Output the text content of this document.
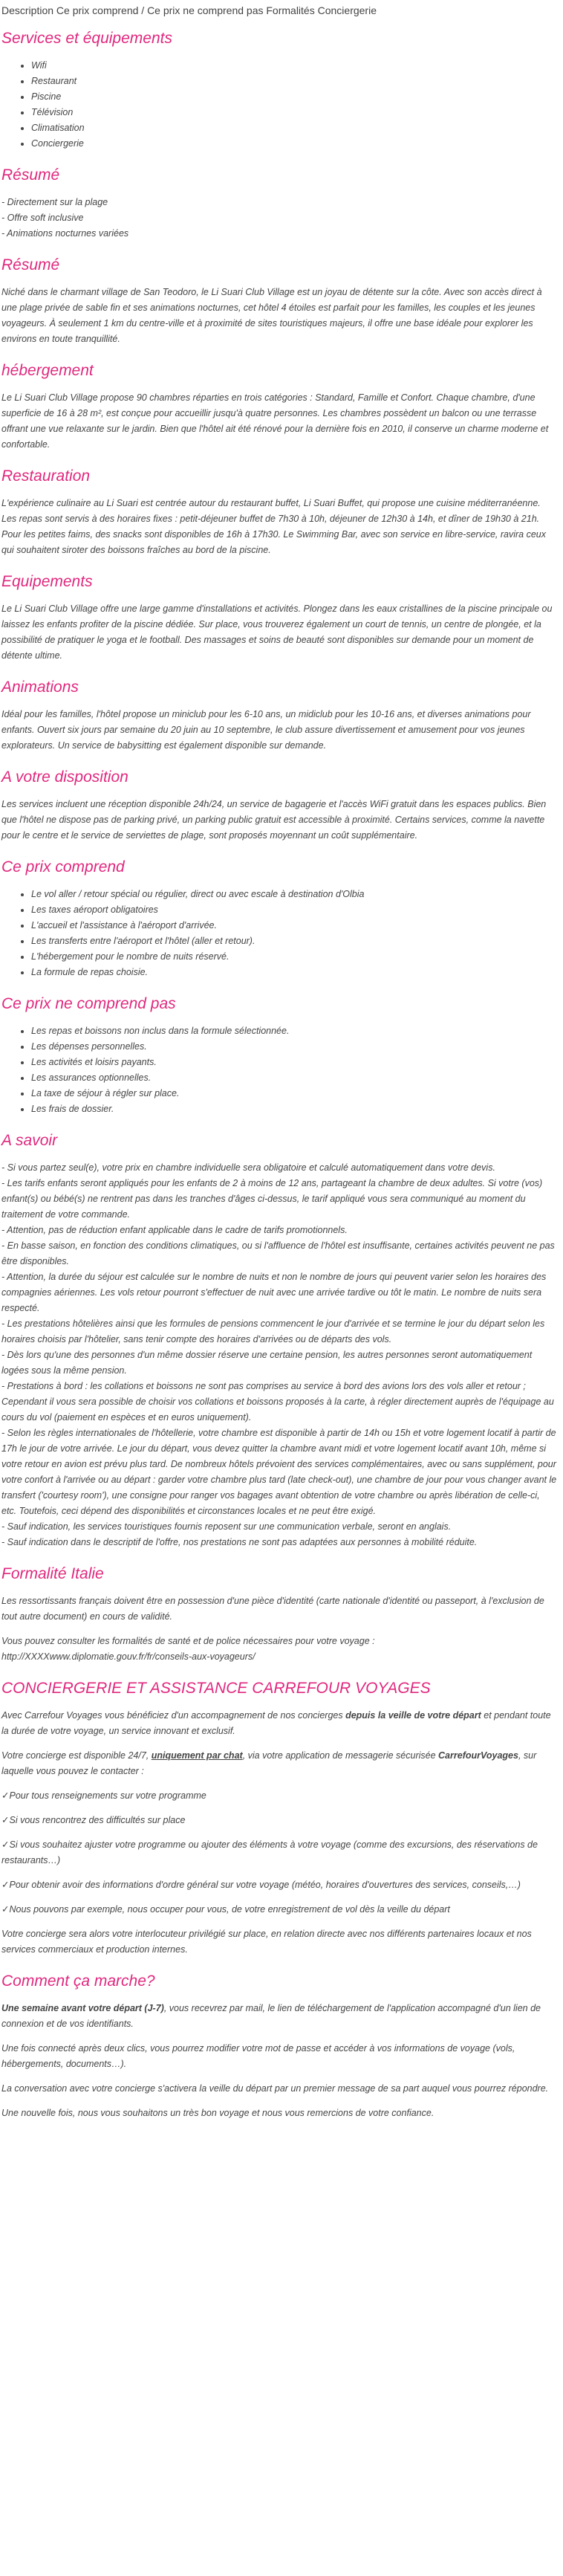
Description Ce prix comprend / Ce prix ne comprend pas Formalités Conciergerie
Services et équipements
• Wifi
• Restaurant
• Piscine
• Télévision
• Climatisation
• Conciergerie
Résumé
- Directement sur la plage
- Offre soft inclusive
- Animations nocturnes variées
Résumé

Niché dans le charmant village de San Teodoro, le Li Suari Club Village est un joyau de détente sur la côte. Avec son accès direct à une plage privée de sable fin et ses animations nocturnes, cet hôtel 4 étoiles est parfait pour les familles, les couples et les jeunes voyageurs. À seulement 1 km du centre-ville et à proximité de sites touristiques majeurs, il offre une base idéale pour explorer les environs en toute tranquillité.

hébergement

Le Li Suari Club Village propose 90 chambres réparties en trois catégories : Standard, Famille et Confort. Chaque chambre, d'une superficie de 16 à 28 m², est conçue pour accueillir jusqu'à quatre personnes. Les chambres possèdent un balcon ou une terrasse offrant une vue relaxante sur le jardin. Bien que l'hôtel ait été rénové pour la dernière fois en 2010, il conserve un charme moderne et confortable.

Restauration

L'expérience culinaire au Li Suari est centrée autour du restaurant buffet, Li Suari Buffet, qui propose une cuisine méditerranéenne. Les repas sont servis à des horaires fixes : petit-déjeuner buffet de 7h30 à 10h, déjeuner de 12h30 à 14h, et dîner de 19h30 à 21h. Pour les petites faims, des snacks sont disponibles de 16h à 17h30. Le Swimming Bar, avec son service en libre-service, ravira ceux qui souhaitent siroter des boissons fraîches au bord de la piscine.

Equipements

Le Li Suari Club Village offre une large gamme d'installations et activités. Plongez dans les eaux cristallines de la piscine principale ou laissez les enfants profiter de la piscine dédiée. Sur place, vous trouverez également un court de tennis, un centre de plongée, et la possibilité de pratiquer le yoga et le football. Des massages et soins de beauté sont disponibles sur demande pour un moment de détente ultime.

Animations

Idéal pour les familles, l'hôtel propose un miniclub pour les 6-10 ans, un midiclub pour les 10-16 ans, et diverses animations pour enfants. Ouvert six jours par semaine du 20 juin au 10 septembre, le club assure divertissement et amusement pour vos jeunes explorateurs. Un service de babysitting est également disponible sur demande.

A votre disposition

Les services incluent une réception disponible 24h/24, un service de bagagerie et l'accès WiFi gratuit dans les espaces publics. Bien que l'hôtel ne dispose pas de parking privé, un parking public gratuit est accessible à proximité. Certains services, comme la navette pour le centre et le service de serviettes de plage, sont proposés moyennant un coût supplémentaire.

Ce prix comprend
• Le vol aller / retour spécial ou régulier, direct ou avec escale à destination d'Olbia
• Les taxes aéroport obligatoires
• L'accueil et l'assistance à l'aéroport d'arrivée.
• Les transferts entre l'aéroport et l'hôtel (aller et retour).
• L'hébergement pour le nombre de nuits réservé.
• La formule de repas choisie.
Ce prix ne comprend pas
• Les repas et boissons non inclus dans la formule sélectionnée.
• Les dépenses personnelles.
• Les activités et loisirs payants.
• Les assurances optionnelles.
• La taxe de séjour à régler sur place.
• Les frais de dossier.
A savoir
- Si vous partez seul(e), votre prix en chambre individuelle sera obligatoire et calculé automatiquement dans votre devis.
- Les tarifs enfants seront appliqués pour les enfants de 2 à moins de 12 ans, partageant la chambre de deux adultes. Si votre (vos) enfant(s) ou bébé(s) ne rentrent pas dans les tranches d'âges ci-dessus, le tarif appliqué vous sera communiqué au moment du traitement de votre commande.
- Attention, pas de réduction enfant applicable dans le cadre de tarifs promotionnels.
- En basse saison, en fonction des conditions climatiques, ou si l'affluence de l'hôtel est insuffisante, certaines activités peuvent ne pas être disponibles.
- Attention, la durée du séjour est calculée sur le nombre de nuits et non le nombre de jours qui peuvent varier selon les horaires des compagnies aériennes. Les vols retour pourront s'effectuer de nuit avec une arrivée tardive ou tôt le matin. Le nombre de nuits sera respecté.
- Les prestations hôtelières ainsi que les formules de pensions commencent le jour d'arrivée et se termine le jour du départ selon les horaires choisis par l'hôtelier, sans tenir compte des horaires d'arrivées ou de départs des vols.
- Dès lors qu'une des personnes d'un même dossier réserve une certaine pension, les autres personnes seront automatiquement logées sous la même pension.
- Prestations à bord : les collations et boissons ne sont pas comprises au service à bord des avions lors des vols aller et retour ; Cependant il vous sera possible de choisir vos collations et boissons proposés à la carte, à régler directement auprès de l'équipage au cours du vol (paiement en espèces et en euros uniquement).
- Selon les règles internationales de l'hôtellerie, votre chambre est disponible à partir de 14h ou 15h et votre logement locatif à partir de 17h le jour de votre arrivée. Le jour du départ, vous devez quitter la chambre avant midi et votre logement locatif avant 10h, même si votre retour en avion est prévu plus tard. De nombreux hôtels prévoient des services complémentaires, avec ou sans supplément, pour votre confort à l'arrivée ou au départ : garder votre chambre plus tard (late check-out), une chambre de jour pour vous changer avant le transfert ('courtesy room'), une consigne pour ranger vos bagages avant obtention de votre chambre ou après libération de celle-ci, etc. Toutefois, ceci dépend des disponibilités et circonstances locales et ne peut être exigé.
- Sauf indication, les services touristiques fournis reposent sur une communication verbale, seront en anglais.
- Sauf indication dans le descriptif de l'offre, nos prestations ne sont pas adaptées aux personnes à mobilité réduite.
Formalité Italie

Les ressortissants français doivent être en possession d'une pièce d'identité (carte nationale d'identité ou passeport, à l'exclusion de tout autre document) en cours de validité.

Vous pouvez consulter les formalités de santé et de police nécessaires pour votre voyage : http://XXXXwww.diplomatie.gouv.fr/fr/conseils-aux-voyageurs/

CONCIERGERIE ET ASSISTANCE CARREFOUR VOYAGES

Avec Carrefour Voyages vous bénéficiez d'un accompagnement de nos concierges depuis la veille de votre départ et pendant toute la durée de votre voyage, un service innovant et exclusif.

Votre concierge est disponible 24/7, uniquement par chat, via votre application de messagerie sécurisée CarrefourVoyages, sur laquelle vous pouvez le contacter :

✓ Pour tous renseignements sur votre programme

✓ Si vous rencontrez des difficultés sur place

✓ Si vous souhaitez ajuster votre programme ou ajouter des éléments à votre voyage (comme des excursions, des réservations de restaurants…)

✓ Pour obtenir avoir des informations d'ordre général sur votre voyage (météo, horaires d'ouvertures des services, conseils,…)

✓ Nous pouvons par exemple, nous occuper pour vous, de votre enregistrement de vol dès la veille du départ

Votre concierge sera alors votre interlocuteur privilégié sur place, en relation directe avec nos différents partenaires locaux et nos services commerciaux et production internes.

Comment ça marche?

Une semaine avant votre départ (J-7), vous recevrez par mail, le lien de téléchargement de l'application accompagné d'un lien de connexion et de vos identifiants.

Une fois connecté après deux clics, vous pourrez modifier votre mot de passe et accéder à vos informations de voyage (vols, hébergements, documents…).

La conversation avec votre concierge s'activera la veille du départ par un premier message de sa part auquel vous pourrez répondre.

Une nouvelle fois, nous vous souhaitons un très bon voyage et nous vous remercions de votre confiance.
